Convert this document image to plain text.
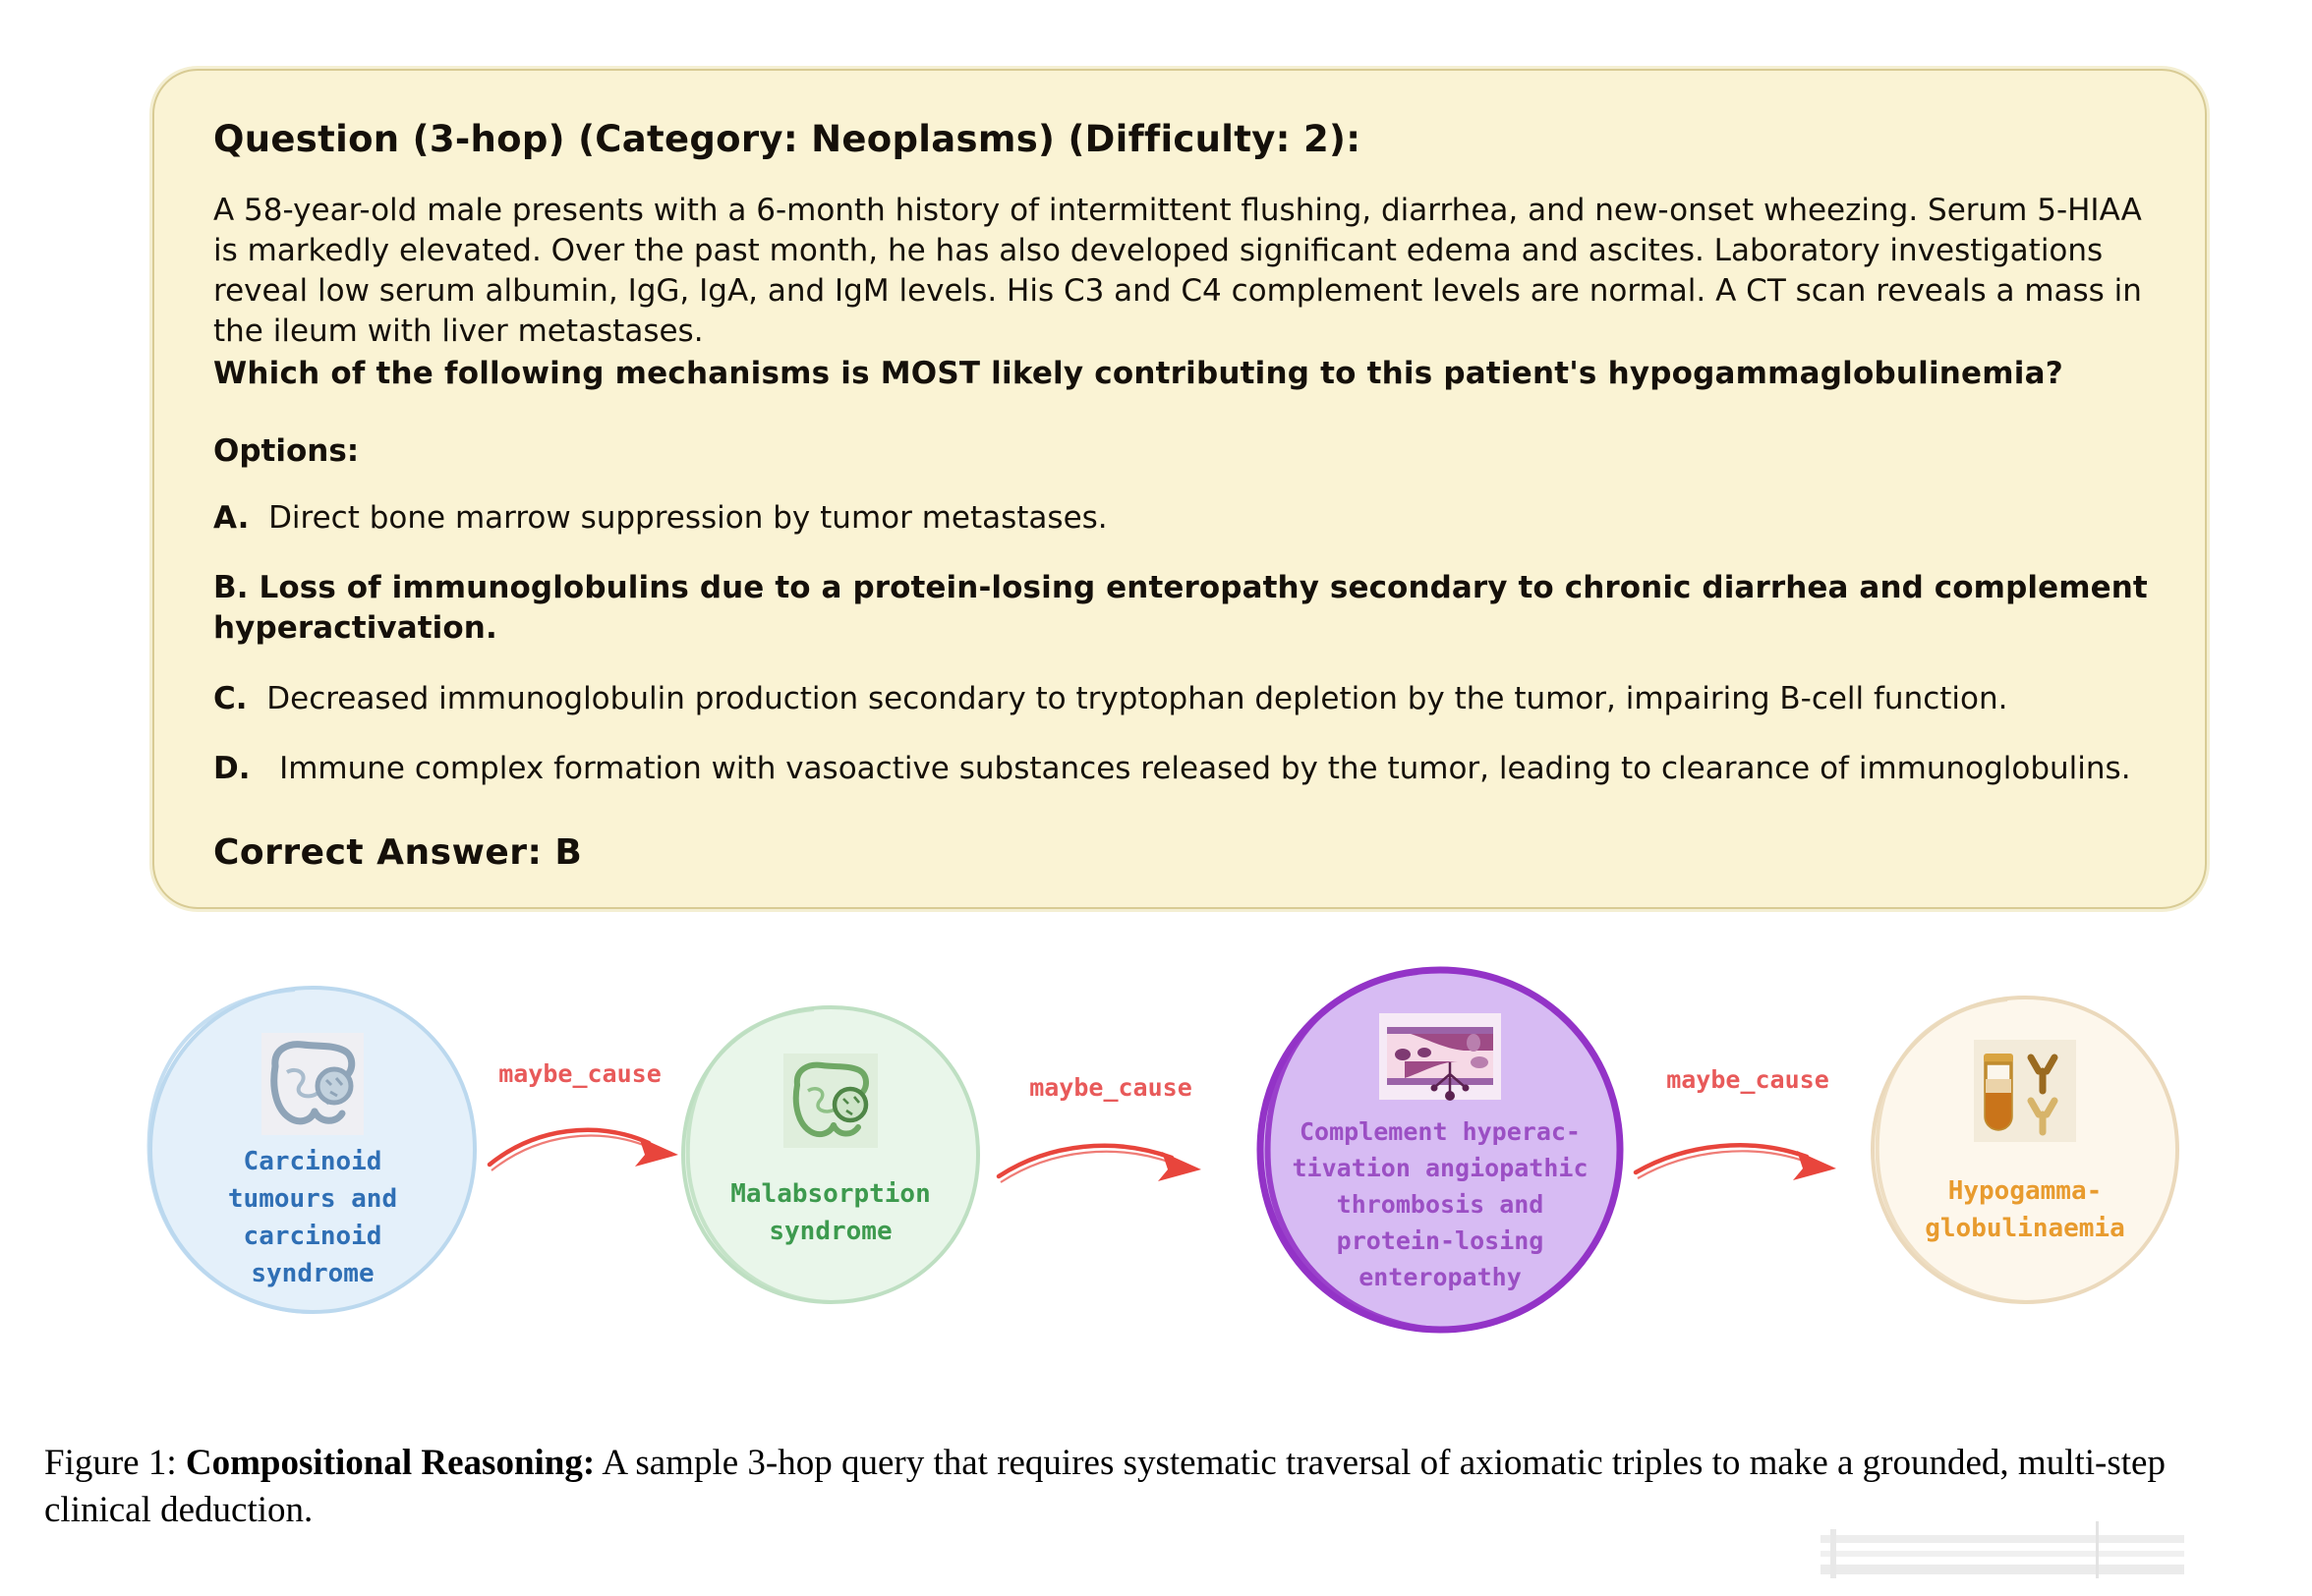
Question (3-hop) (Category: Neoplasms) (Difficulty: 2):

A 58-year-old male presents with a 6-month history of intermittent flushing, diarrhea, and new-onset wheezing. Serum 5-HIAA is markedly elevated. Over the past month, he has also developed significant edema and ascites. Laboratory investigations reveal low serum albumin, IgG, IgA, and IgM levels. His C3 and C4 complement levels are normal. A CT scan reveals a mass in the ileum with liver metastases.
Which of the following mechanisms is MOST likely contributing to this patient's hypogammaglobulinemia?

Options:

A. Direct bone marrow suppression by tumor metastases.

B. Loss of immunoglobulins due to a protein-losing enteropathy secondary to chronic diarrhea and complement hyperactivation.

C. Decreased immunoglobulin production secondary to tryptophan depletion by the tumor, impairing B-cell function.

D. Immune complex formation with vasoactive substances released by the tumor, leading to clearance of immunoglobulins.

Correct Answer: B

Carcinoid
tumours and
carcinoid
syndrome
maybe_cause
Malabsorption
syndrome
maybe_cause
Complement hyperac-
tivation angiopathic
thrombosis and
protein-losing
enteropathy
maybe_cause
Hypogamma-
globulinaemia
Figure 1: Compositional Reasoning: A sample 3-hop query that requires systematic traversal of axiomatic triples to make a grounded, multi-step clinical deduction.
